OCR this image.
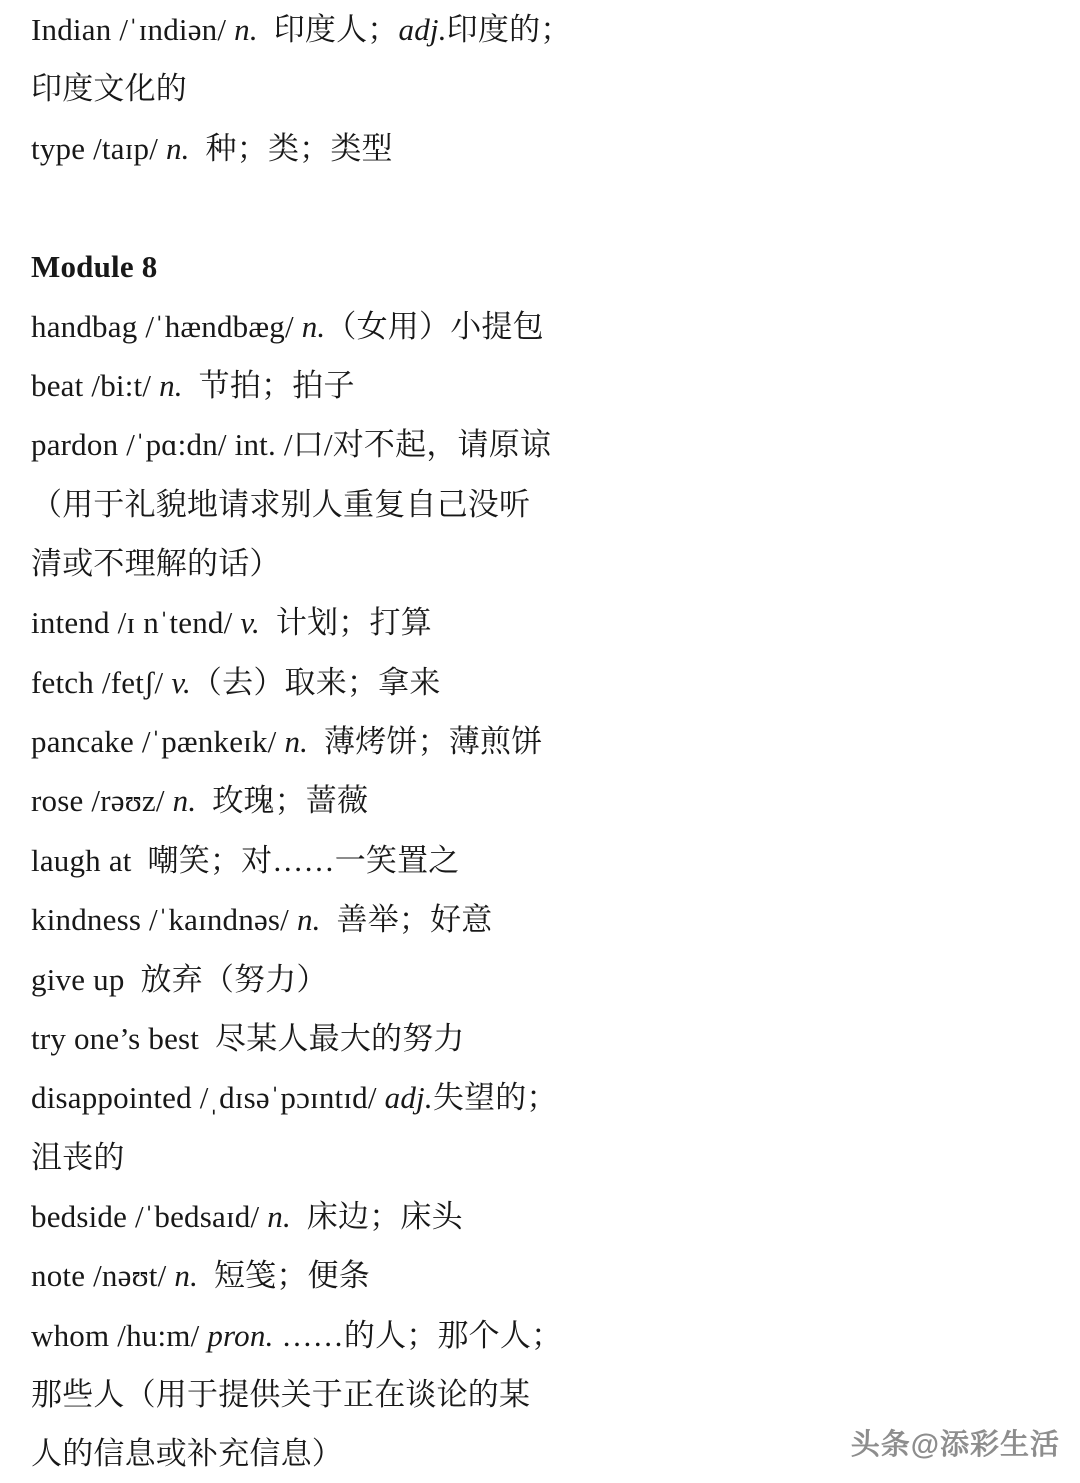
Indian /ˈɪndiən/ n.  印度人；adj.印度的；

印度文化的

type /taɪp/ n.  种；类；类型

Module 8

handbag /ˈhændbæg/ n.（女用）小提包

beat /bi:t/ n.  节拍；拍子

pardon /ˈpɑ:dn/ int. /口/对不起，请原谅

（用于礼貌地请求别人重复自己没听

清或不理解的话）

intend /ɪ nˈtend/ v.  计划；打算

fetch /fetʃ/ v.（去）取来；拿来

pancake /ˈpænkeɪk/ n.  薄烤饼；薄煎饼

rose /rəʊz/ n.  玫瑰；蔷薇

laugh at  嘲笑；对……一笑置之

kindness /ˈkaɪndnəs/ n.  善举；好意

give up  放弃（努力）

try one’s best  尽某人最大的努力

disappointed /ˌdɪsəˈpɔɪntɪd/ adj.失望的；

沮丧的

bedside /ˈbedsaɪd/ n.  床边；床头

note /nəʊt/ n.  短笺；便条

whom /hu:m/ pron. ……的人；那个人；

那些人（用于提供关于正在谈论的某

人的信息或补充信息）	头条@添彩生活
